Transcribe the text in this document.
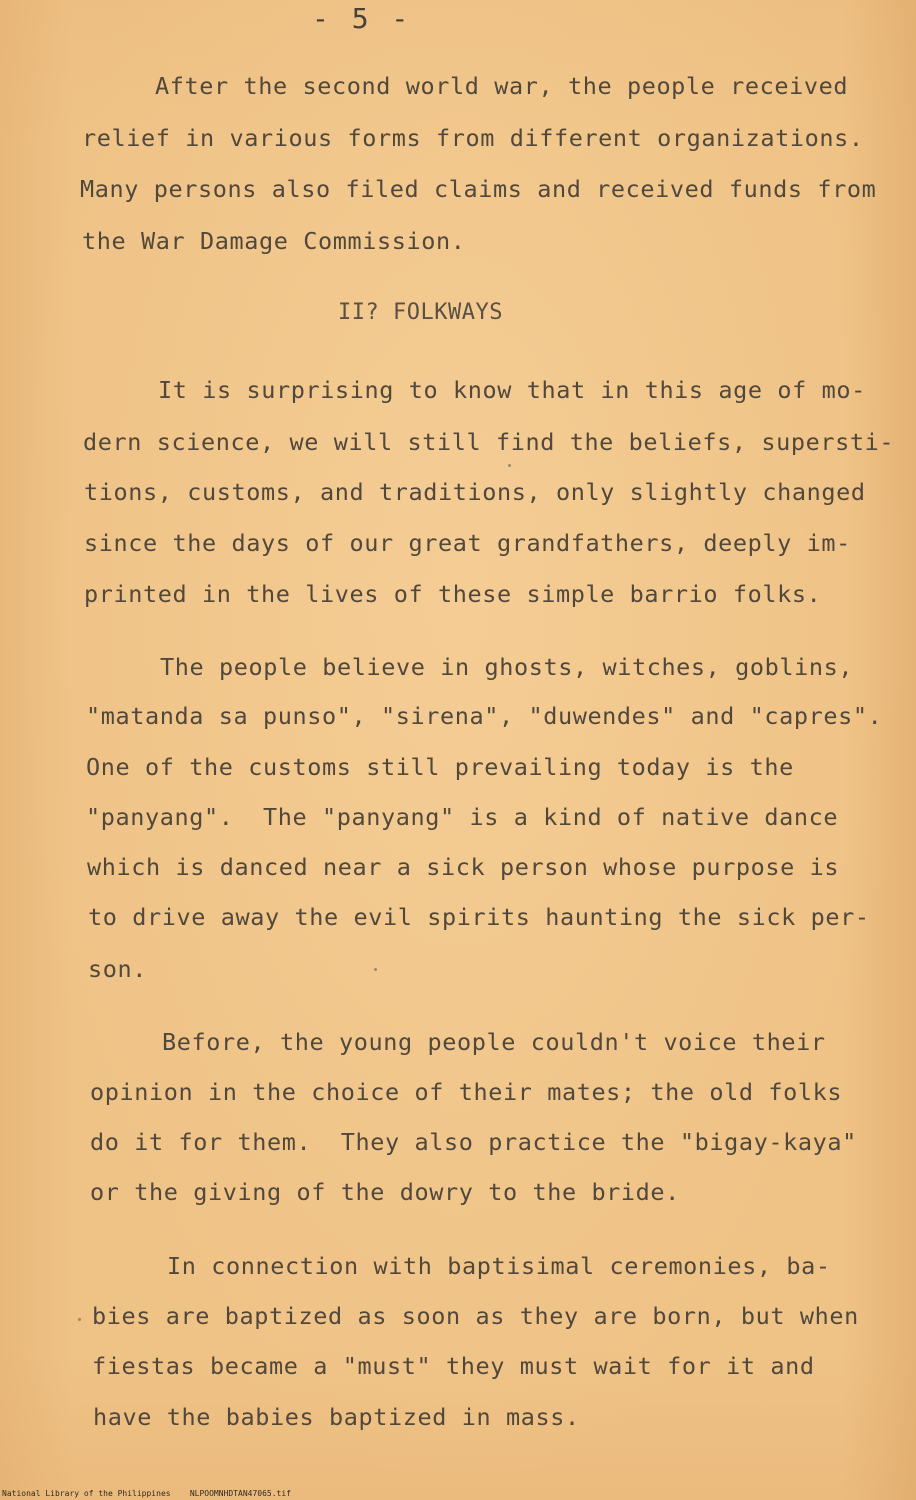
- 5 -
After the second world war, the people received
relief in various forms from different organizations.
Many persons also filed claims and received funds from
the War Damage Commission.
II? FOLKWAYS
It is surprising to know that in this age of mo-
dern science, we will still find the beliefs, supersti-
tions, customs, and traditions, only slightly changed
since the days of our great grandfathers, deeply im-
printed in the lives of these simple barrio folks.
The people believe in ghosts, witches, goblins,
"matanda sa punso", "sirena", "duwendes" and "capres".
One of the customs still prevailing today is the
"panyang".  The "panyang" is a kind of native dance
which is danced near a sick person whose purpose is
to drive away the evil spirits haunting the sick per-
son.
Before, the young people couldn't voice their
opinion in the choice of their mates; the old folks
do it for them.  They also practice the "bigay-kaya"
or the giving of the dowry to the bride.
In connection with baptisimal ceremonies, ba-
bies are baptized as soon as they are born, but when
fiestas became a "must" they must wait for it and
have the babies baptized in mass.
National Library of the Philippines    NLPOOMNHDTAN47065.tif
